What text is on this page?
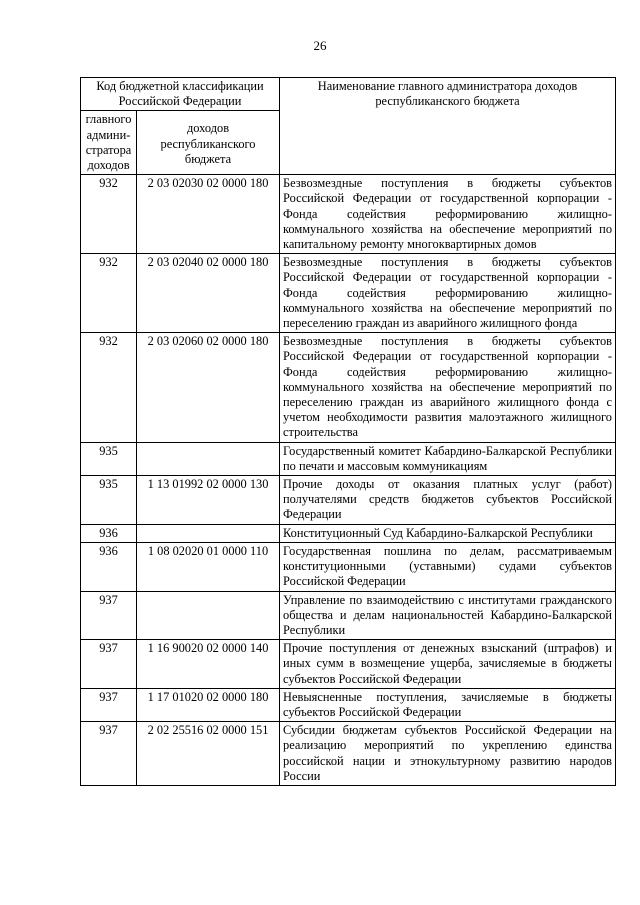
26
Код бюджетной классификации Российской Федерации		Наименование главного администратора доходов республиканского бюджета
главного админи-стратора доходов	доходов республиканского бюджета	
932	2 03 02030 02 0000 180	Безвозмездные поступления в бюджеты субъектов Российской Федерации от государственной корпорации - Фонда содействия реформированию жилищно-коммунального хозяйства на обеспечение мероприятий по капитальному ремонту многоквартирных домов
932	2 03 02040 02 0000 180	Безвозмездные поступления в бюджеты субъектов Российской Федерации от государственной корпорации - Фонда содействия реформированию жилищно-коммунального хозяйства на обеспечение мероприятий по переселению граждан из аварийного жилищного фонда
932	2 03 02060 02 0000 180	Безвозмездные поступления в бюджеты субъектов Российской Федерации от государственной корпорации - Фонда содействия реформированию жилищно-коммунального хозяйства на обеспечение мероприятий по переселению граждан из аварийного жилищного фонда с учетом необходимости развития малоэтажного жилищного строительства
935		Государственный комитет Кабардино-Балкарской Республики по печати и массовым коммуникациям
935	1 13 01992 02 0000 130	Прочие доходы от оказания платных услуг (работ) получателями средств бюджетов субъектов Российской Федерации
936		Конституционный Суд Кабардино-Балкарской Республики
936	1 08 02020 01 0000 110	Государственная пошлина по делам, рассматриваемым конституционными (уставными) судами субъектов Российской Федерации
937		Управление по взаимодействию с институтами гражданского общества и делам национальностей Кабардино-Балкарской Республики
937	1 16 90020 02 0000 140	Прочие поступления от денежных взысканий (штрафов) и иных сумм в возмещение ущерба, зачисляемые в бюджеты субъектов Российской Федерации
937	1 17 01020 02 0000 180	Невыясненные поступления, зачисляемые в бюджеты субъектов Российской Федерации
937	2 02 25516 02 0000 151	Субсидии бюджетам субъектов Российской Федерации на реализацию мероприятий по укреплению единства российской нации и этнокультурному развитию народов России
